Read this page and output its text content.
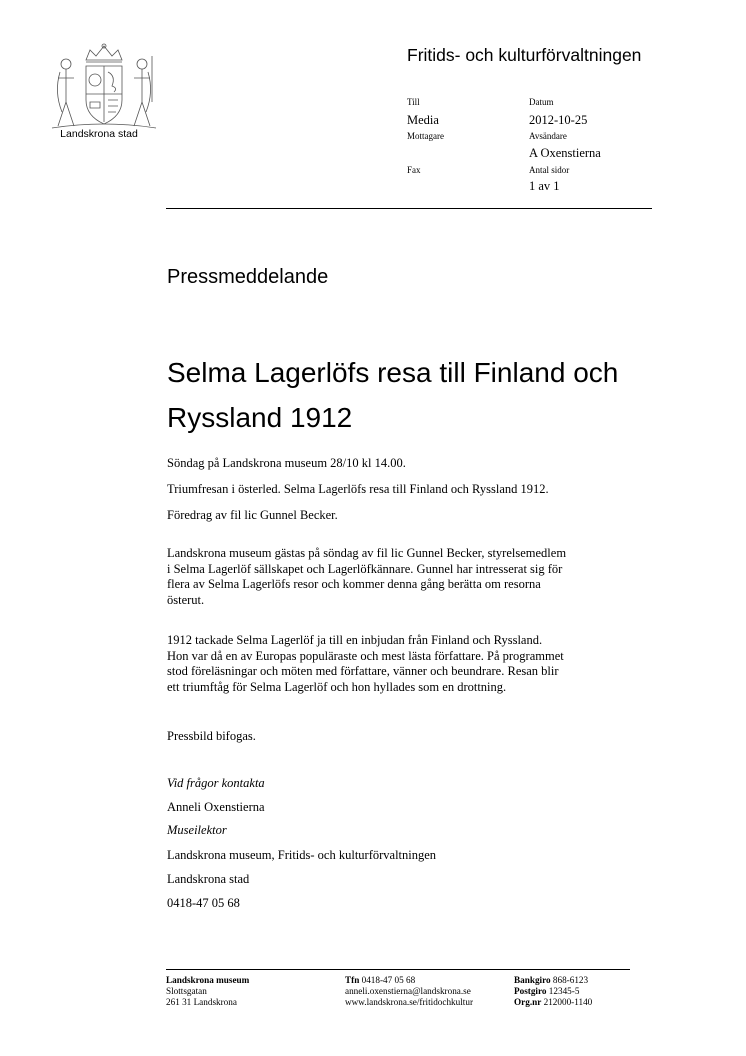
Landskrona stad
Fritids- och kulturförvaltningen
Till
Media
Mottagare
Fax
Datum
2012-10-25
Avsändare
A Oxenstierna
Antal sidor
1 av 1
Pressmeddelande
Selma Lagerlöfs resa till Finland och
Ryssland 1912
Söndag på Landskrona museum 28/10 kl 14.00.
Triumfresan i österled. Selma Lagerlöfs resa till Finland och Ryssland 1912.
Föredrag av fil lic Gunnel Becker.
Landskrona museum gästas på söndag av fil lic Gunnel Becker, styrelsemedlem
i Selma Lagerlöf sällskapet och Lagerlöfkännare. Gunnel har intresserat sig för
flera av Selma Lagerlöfs resor och kommer denna gång berätta om resorna
österut.
1912 tackade Selma Lagerlöf ja till en inbjudan från Finland och Ryssland.
Hon var då en av Europas populäraste och mest lästa författare. På programmet
stod föreläsningar och möten med författare, vänner och beundrare. Resan blir
ett triumftåg för Selma Lagerlöf och hon hyllades som en drottning.
Pressbild bifogas.
Vid frågor kontakta
Anneli Oxenstierna
Museilektor
Landskrona museum, Fritids- och kulturförvaltningen
Landskrona stad
0418-47 05 68
Landskrona museum
Slottsgatan
261 31 Landskrona
Tfn 0418-47 05 68
anneli.oxenstierna@landskrona.se
www.landskrona.se/fritidochkultur
Bankgiro 868-6123
Postgiro 12345-5
Org.nr 212000-1140
